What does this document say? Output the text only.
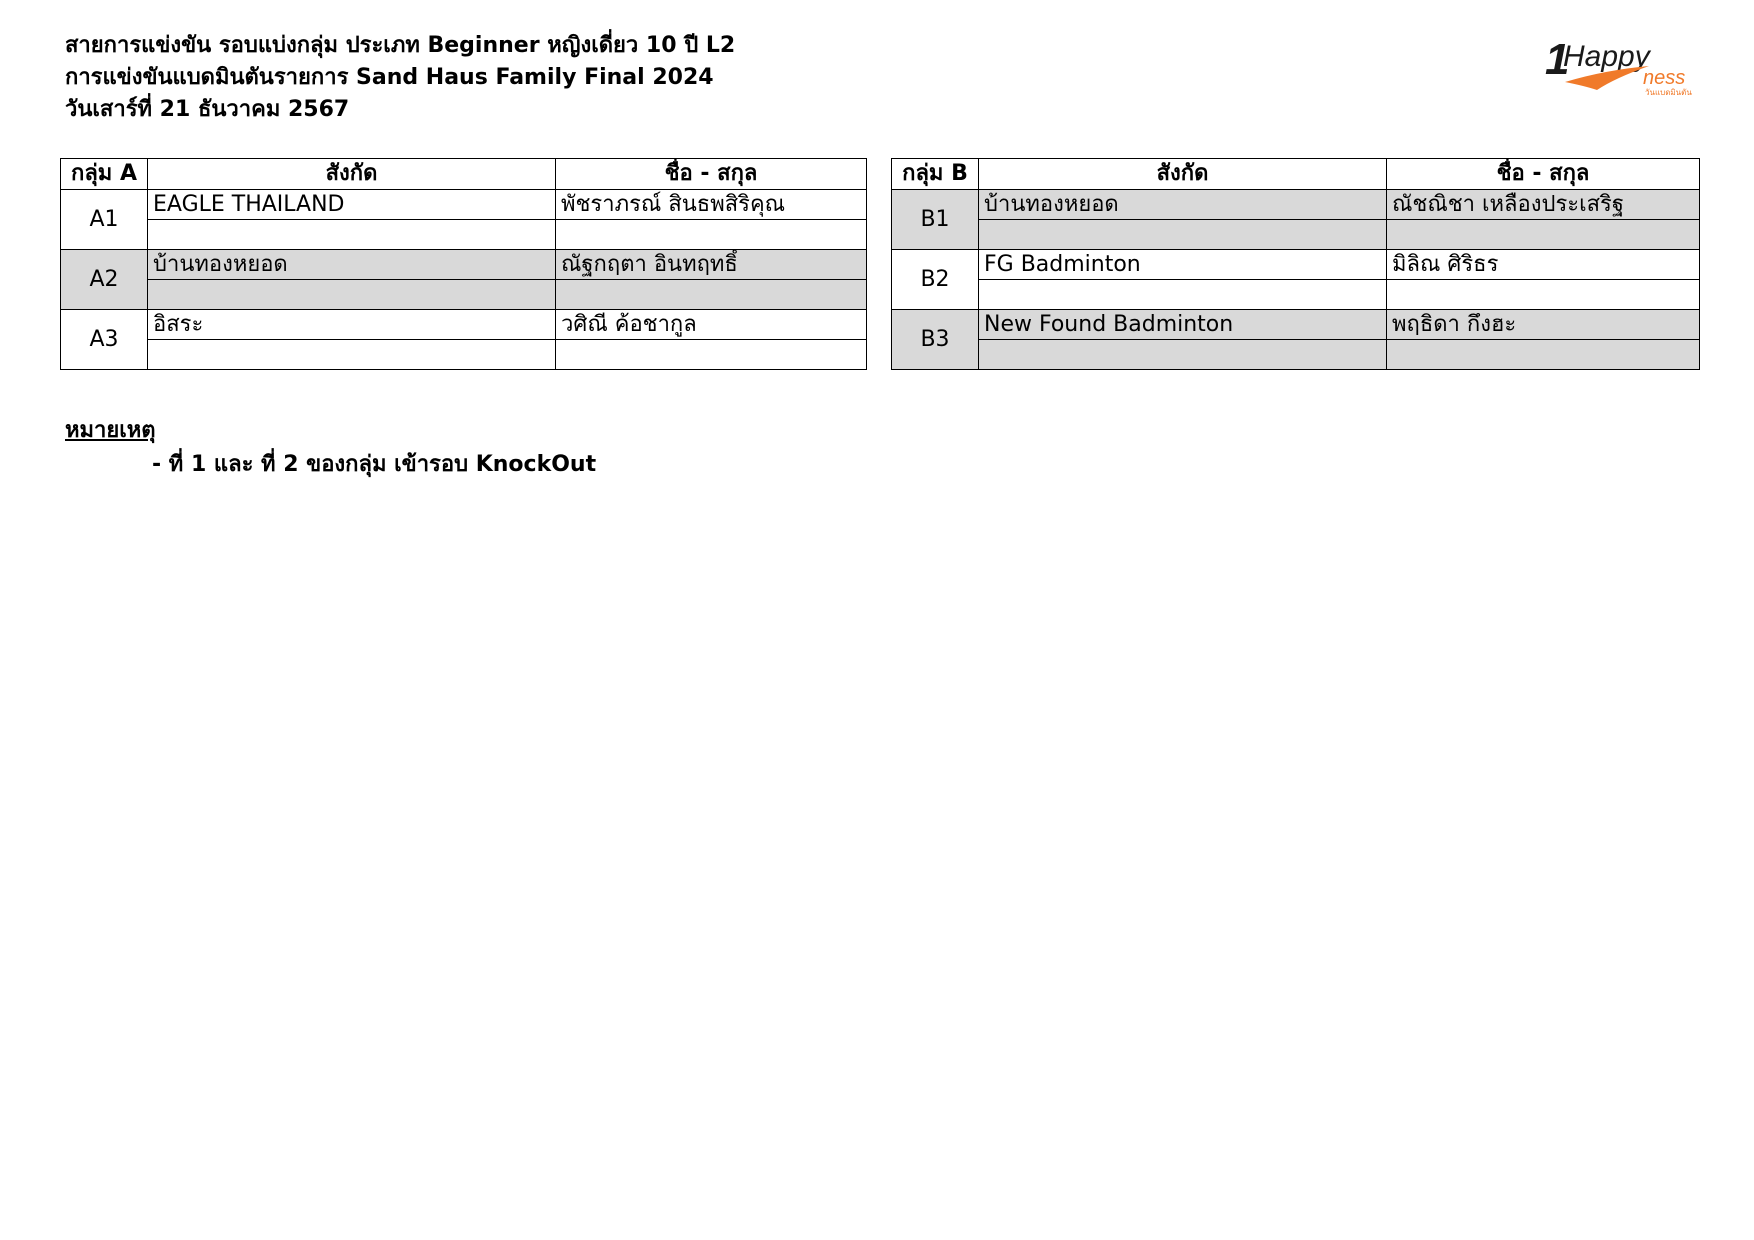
สายการแข่งขัน รอบแบ่งกลุ่ม ประเภท Beginner หญิงเดี่ยว 10 ปี L2
การแข่งขันแบดมินตันรายการ Sand Haus Family Final 2024
วันเสาร์ที่ 21 ธันวาคม 2567
1
Happy
ness
วันแบดมินตัน
กลุ่ม A	สังกัด	ชื่อ - สกุล
A1	EAGLE THAILAND	พัชราภรณ์ สินธพสิริคุณ

A2	บ้านทองหยอด	ณัฐกฤตา อินทฤทธิ์

A3	อิสระ	วศิณี ค้อชากูล

กลุ่ม B	สังกัด	ชื่อ - สกุล
B1	บ้านทองหยอด	ณัชณิชา เหลืองประเสริฐ

B2	FG Badminton	มิลิณ ศิริธร

B3	New Found Badminton	พฤธิดา กึงฮะ

หมายเหตุ
- ที่ 1 และ ที่ 2 ของกลุ่ม เข้ารอบ KnockOut
